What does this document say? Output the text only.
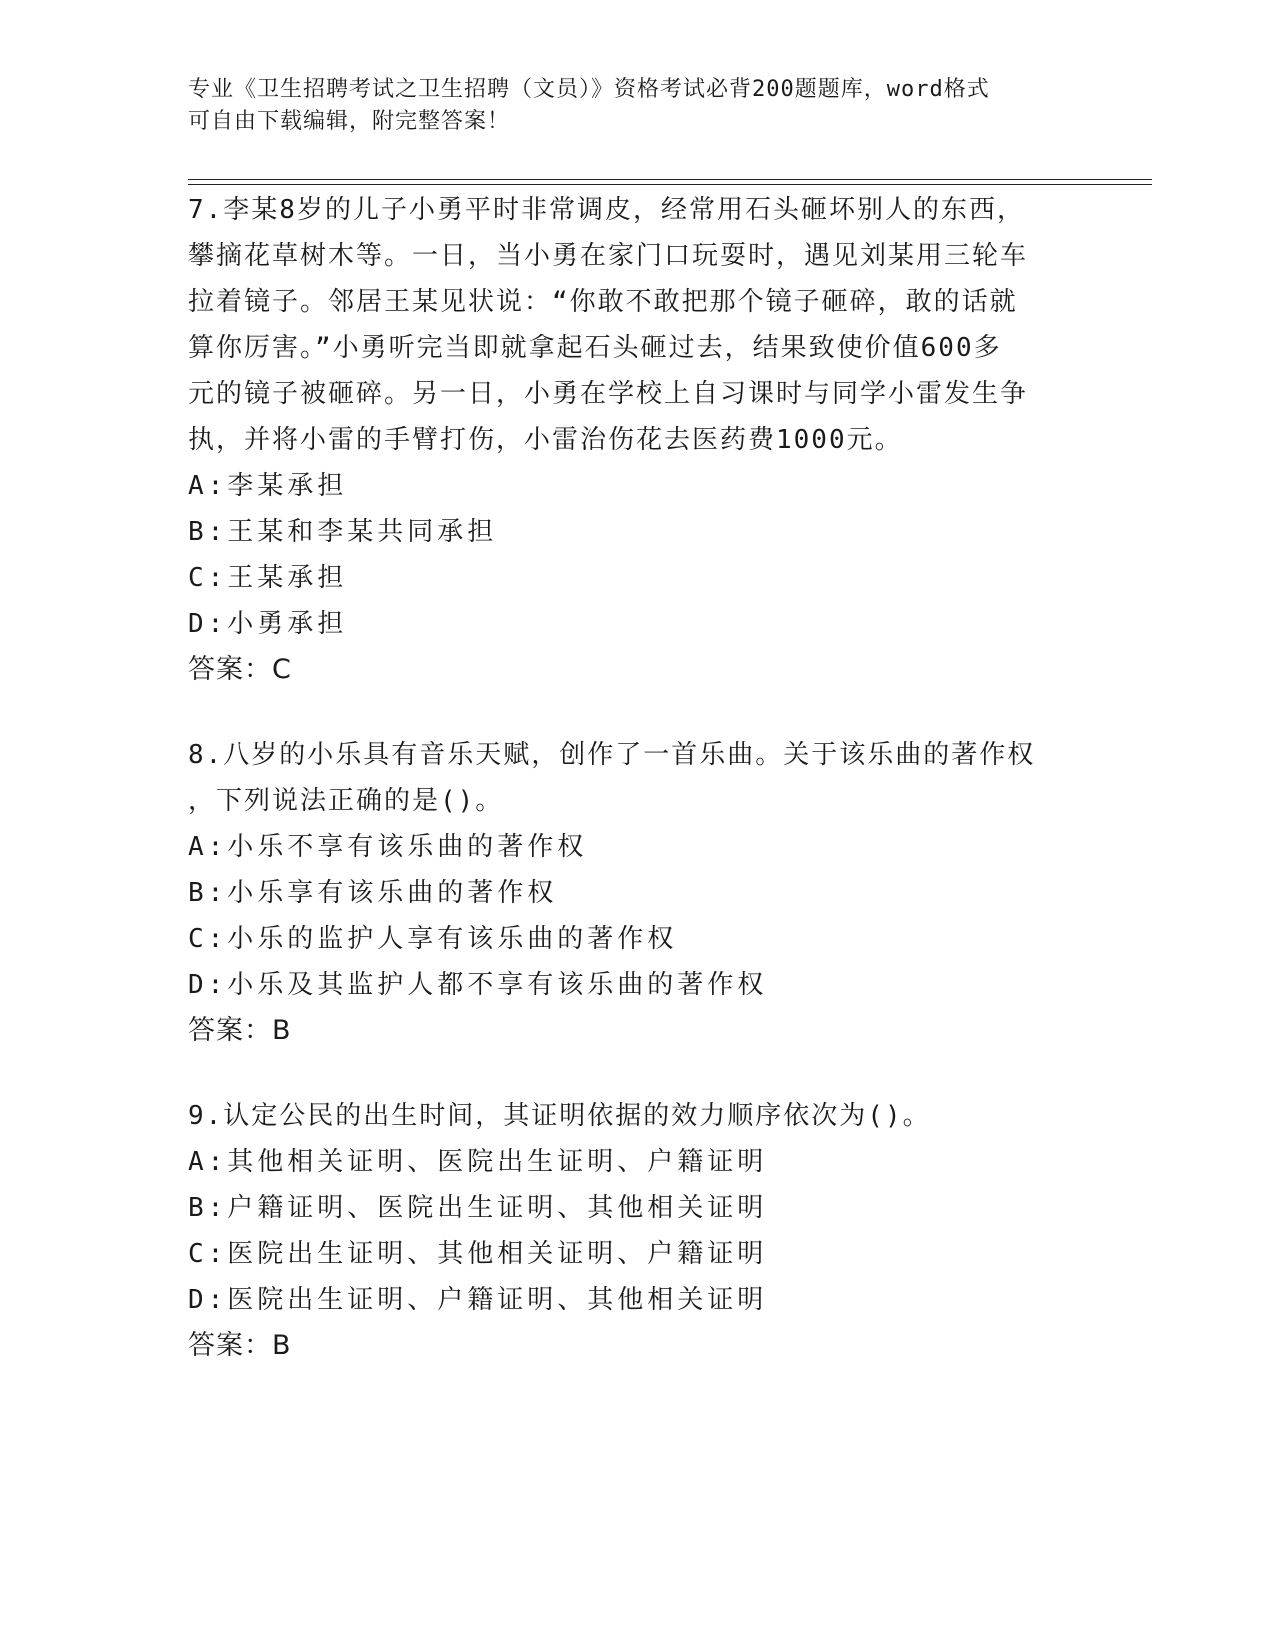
专业《卫生招聘考试之卫生招聘（文员）》资格考试必背200题题库，word格式
可自由下载编辑，附完整答案！

7.李某8岁的儿子小勇平时非常调皮，经常用石头砸坏别人的东西，

攀摘花草树木等。一日，当小勇在家门口玩耍时，遇见刘某用三轮车

拉着镜子。邻居王某见状说：“你敢不敢把那个镜子砸碎，敢的话就

算你厉害。”小勇听完当即就拿起石头砸过去，结果致使价值600多

元的镜子被砸碎。另一日，小勇在学校上自习课时与同学小雷发生争

执，并将小雷的手臂打伤，小雷治伤花去医药费1000元。

A:李某承担

B:王某和李某共同承担

C:王某承担

D:小勇承担

答案：C

8.八岁的小乐具有音乐天赋，创作了一首乐曲。关于该乐曲的著作权

，下列说法正确的是()。

A:小乐不享有该乐曲的著作权

B:小乐享有该乐曲的著作权

C:小乐的监护人享有该乐曲的著作权

D:小乐及其监护人都不享有该乐曲的著作权

答案：B

9.认定公民的出生时间，其证明依据的效力顺序依次为()。

A:其他相关证明、医院出生证明、户籍证明

B:户籍证明、医院出生证明、其他相关证明

C:医院出生证明、其他相关证明、户籍证明

D:医院出生证明、户籍证明、其他相关证明

答案：B
